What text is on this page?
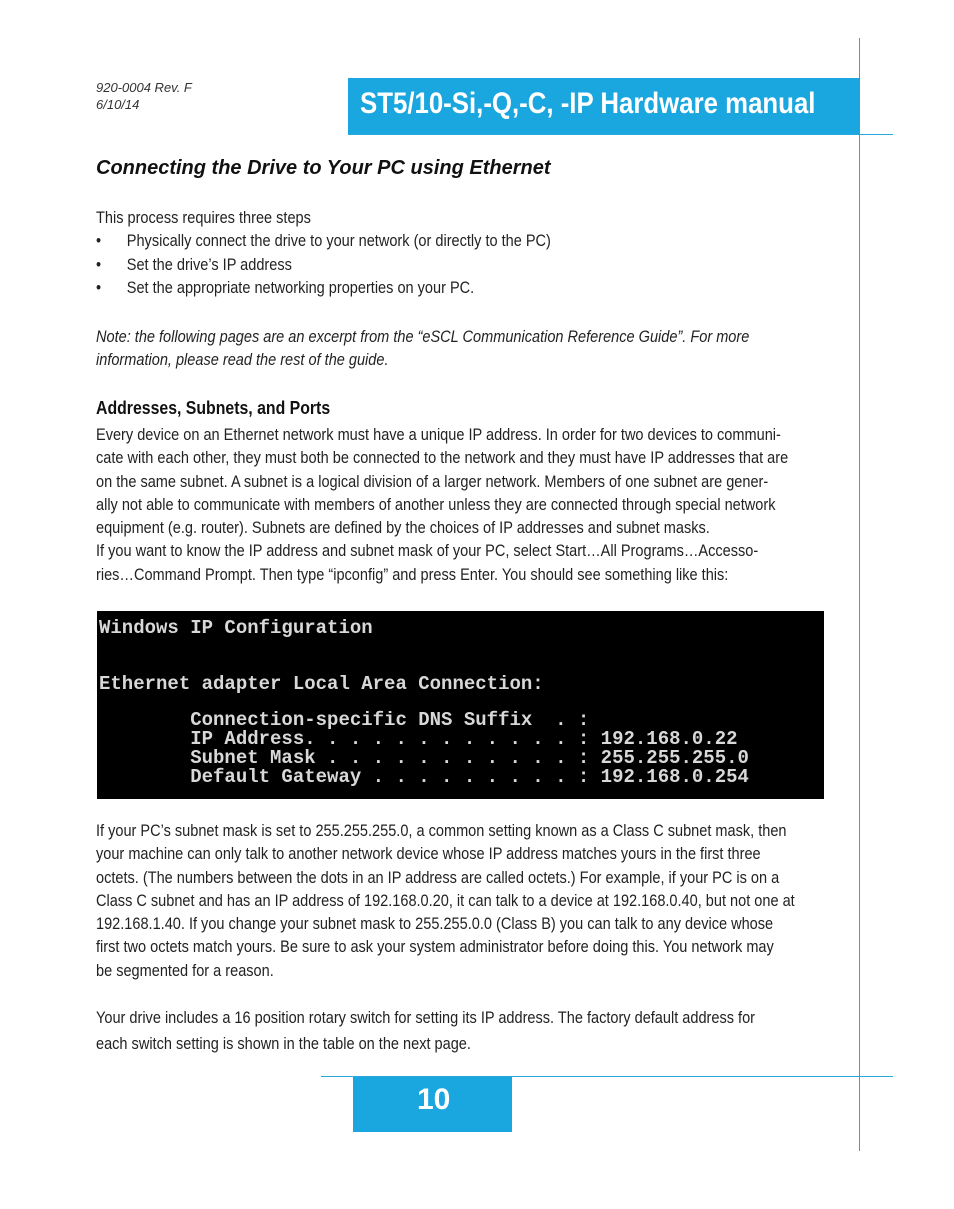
920-0004 Rev. F
6/10/14	ST5/10-Si,-Q,-C, -IP Hardware manual
Connecting the Drive to Your PC using Ethernet
This process requires three steps
• Physically connect the drive to your network (or directly to the PC)
• Set the drive’s IP address
• Set the appropriate networking properties on your PC.
Note: the following pages are an excerpt from the “eSCL Communication Reference Guide”. For more
information, please read the rest of the guide.
Addresses, Subnets, and Ports
Every device on an Ethernet network must have a unique IP address. In order for two devices to communi-
cate with each other, they must both be connected to the network and they must have IP addresses that are
on the same subnet. A subnet is a logical division of a larger network. Members of one subnet are gener-
ally not able to communicate with members of another unless they are connected through special network
equipment (e.g. router). Subnets are defined by the choices of IP addresses and subnet masks.
If you want to know the IP address and subnet mask of your PC, select Start…All Programs…Accesso-
ries…Command Prompt. Then type “ipconfig” and press Enter. You should see something like this:
Windows IP Configuration
Ethernet adapter Local Area Connection:
Connection-specific DNS Suffix  . :
IP Address. . . . . . . . . . . . : 192.168.0.22
Subnet Mask . . . . . . . . . . . : 255.255.255.0
Default Gateway . . . . . . . . . : 192.168.0.254
If your PC’s subnet mask is set to 255.255.255.0, a common setting known as a Class C subnet mask, then
your machine can only talk to another network device whose IP address matches yours in the first three
octets. (The numbers between the dots in an IP address are called octets.) For example, if your PC is on a
Class C subnet and has an IP address of 192.168.0.20, it can talk to a device at 192.168.0.40, but not one at
192.168.1.40. If you change your subnet mask to 255.255.0.0 (Class B) you can talk to any device whose
first two octets match yours. Be sure to ask your system administrator before doing this. You network may
be segmented for a reason.
Your drive includes a 16 position rotary switch for setting its IP address. The factory default address for
each switch setting is shown in the table on the next page.
10
